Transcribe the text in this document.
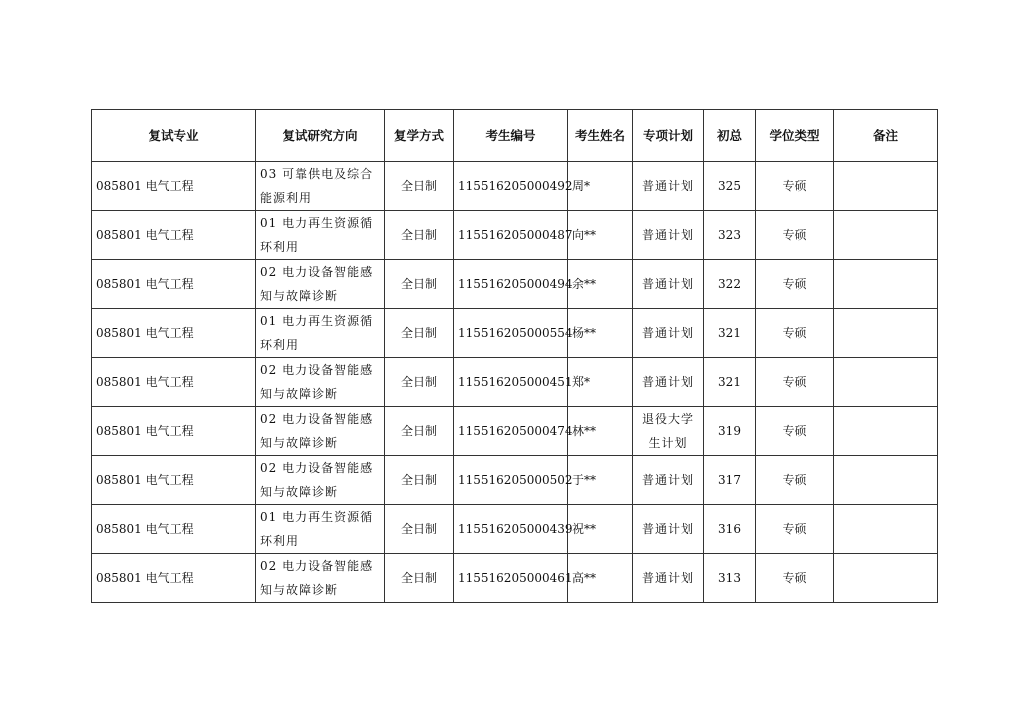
复试专业	复试研究方向	复学方式	考生编号	考生姓名	专项计划	初总	学位类型	备注
085801 电气工程	03 可靠供电及综合能源利用	全日制	115516205000492	周*	普通计划	325	专硕	
085801 电气工程	01 电力再生资源循环利用	全日制	115516205000487	向**	普通计划	323	专硕	
085801 电气工程	02 电力设备智能感知与故障诊断	全日制	115516205000494	余**	普通计划	322	专硕	
085801 电气工程	01 电力再生资源循环利用	全日制	115516205000554	杨**	普通计划	321	专硕	
085801 电气工程	02 电力设备智能感知与故障诊断	全日制	115516205000451	郑*	普通计划	321	专硕	
085801 电气工程	02 电力设备智能感知与故障诊断	全日制	115516205000474	林**	退役大学生计划	319	专硕	
085801 电气工程	02 电力设备智能感知与故障诊断	全日制	115516205000502	于**	普通计划	317	专硕	
085801 电气工程	01 电力再生资源循环利用	全日制	115516205000439	祝**	普通计划	316	专硕	
085801 电气工程	02 电力设备智能感知与故障诊断	全日制	115516205000461	高**	普通计划	313	专硕	
